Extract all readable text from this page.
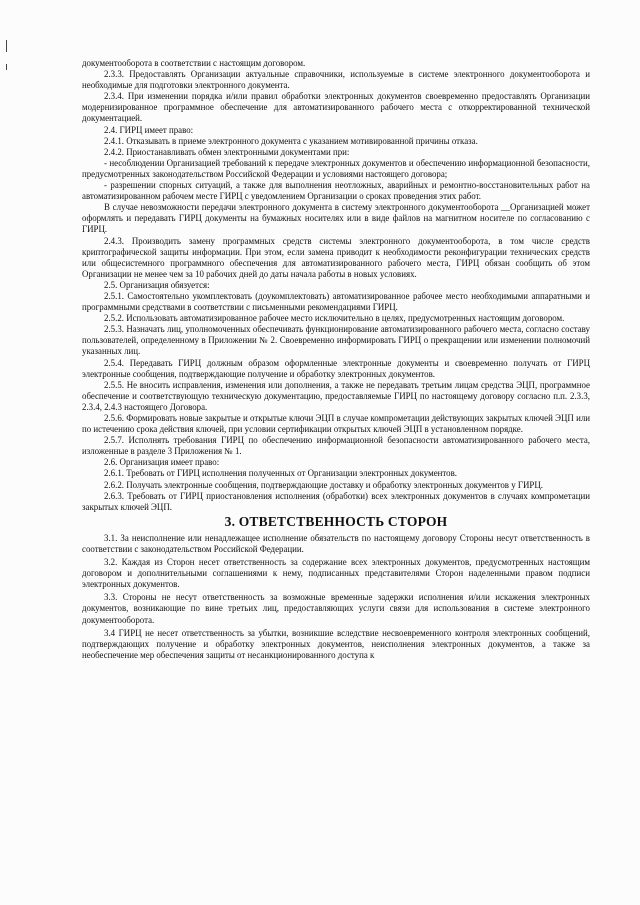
документооборота в соответствии с настоящим договором.

2.3.3. Предоставлять Организации актуальные справочники, используемые в системе электронного документооборота и необходимые для подготовки электронного документа.

2.3.4. При изменении порядка и/или правил обработки электронных документов своевременно предоставлять Организации модернизированное программное обеспечение для автоматизированного рабочего места с откорректированной технической документацией.

2.4. ГИРЦ имеет право:

2.4.1. Отказывать в приеме электронного документа с указанием мотивированной причины отказа.

2.4.2. Приостанавливать обмен электронными документами при:

- несоблюдении Организацией требований к передаче электронных документов и обеспечению информационной безопасности, предусмотренных законодательством Российской Федерации и условиями настоящего договора;

- разрешении спорных ситуаций, а также для выполнения неотложных, аварийных и ремонтно-восстановительных работ на автоматизированном рабочем месте ГИРЦ с уведомлением Организации о сроках проведения этих работ.

В случае невозможности передачи электронного документа в систему электронного документооборота __Организацией может оформлять и передавать ГИРЦ документы на бумажных носителях или в виде файлов на магнитном носителе по согласованию с ГИРЦ.

2.4.3. Производить замену программных средств системы электронного документооборота, в том числе средств криптографической защиты информации. При этом, если замена приводит к необходимости реконфигурации технических средств или общесистемного программного обеспечения для автоматизированного рабочего места, ГИРЦ обязан сообщить об этом Организации не менее чем за 10 рабочих дней до даты начала работы в новых условиях.

2.5. Организация обязуется:

2.5.1. Самостоятельно укомплектовать (доукомплектовать) автоматизированное рабочее место необходимыми аппаратными и программными средствами в соответствии с письменными рекомендациями ГИРЦ.

2.5.2. Использовать автоматизированное рабочее место исключительно в целях, предусмотренных настоящим договором.

2.5.3. Назначать лиц, уполномоченных обеспечивать функционирование автоматизированного рабочего места, согласно составу пользователей, определенному в Приложении № 2. Своевременно информировать ГИРЦ о прекращении или изменении полномочий указанных лиц.

2.5.4. Передавать ГИРЦ должным образом оформленные электронные документы и своевременно получать от ГИРЦ электронные сообщения, подтверждающие получение и обработку электронных документов.

2.5.5. Не вносить исправления, изменения или дополнения, а также не передавать третьим лицам средства ЭЦП, программное обеспечение и соответствующую техническую документацию, предоставляемые ГИРЦ по настоящему договору согласно п.п. 2.3.3, 2.3.4, 2.4.3 настоящего Договора.

2.5.6. Формировать новые закрытые и открытые ключи ЭЦП в случае компрометации действующих закрытых ключей ЭЦП или по истечению срока действия ключей, при условии сертификации открытых ключей ЭЦП в установленном порядке.

2.5.7. Исполнять требования ГИРЦ по обеспечению информационной безопасности автоматизированного рабочего места, изложенные в разделе 3 Приложения № 1.

2.6. Организация имеет право:

2.6.1. Требовать от ГИРЦ исполнения полученных от Организации электронных документов.

2.6.2. Получать электронные сообщения, подтверждающие доставку и обработку электронных документов у ГИРЦ.

2.6.3. Требовать от ГИРЦ приостановления исполнения (обработки) всех электронных документов в случаях компрометации закрытых ключей ЭЦП.

3. ОТВЕТСТВЕННОСТЬ СТОРОН

3.1. За неисполнение или ненадлежащее исполнение обязательств по настоящему договору Стороны несут ответственность в соответствии с законодательством Российской Федерации.

3.2. Каждая из Сторон несет ответственность за содержание всех электронных документов, предусмотренных настоящим договором и дополнительными соглашениями к нему, подписанных представителями Сторон наделенными правом подписи электронных документов.

3.3. Стороны не несут ответственность за возможные временные задержки исполнения и/или искажения электронных документов, возникающие по вине третьих лиц, предоставляющих услуги связи для использования в системе электронного документооборота.

3.4 ГИРЦ не несет ответственность за убытки, возникшие вследствие несвоевременного контроля электронных сообщений, подтверждающих получение и обработку электронных документов, неисполнения электронных документов, а также за необеспечение мер обеспечения защиты от несанкционированного доступа к
